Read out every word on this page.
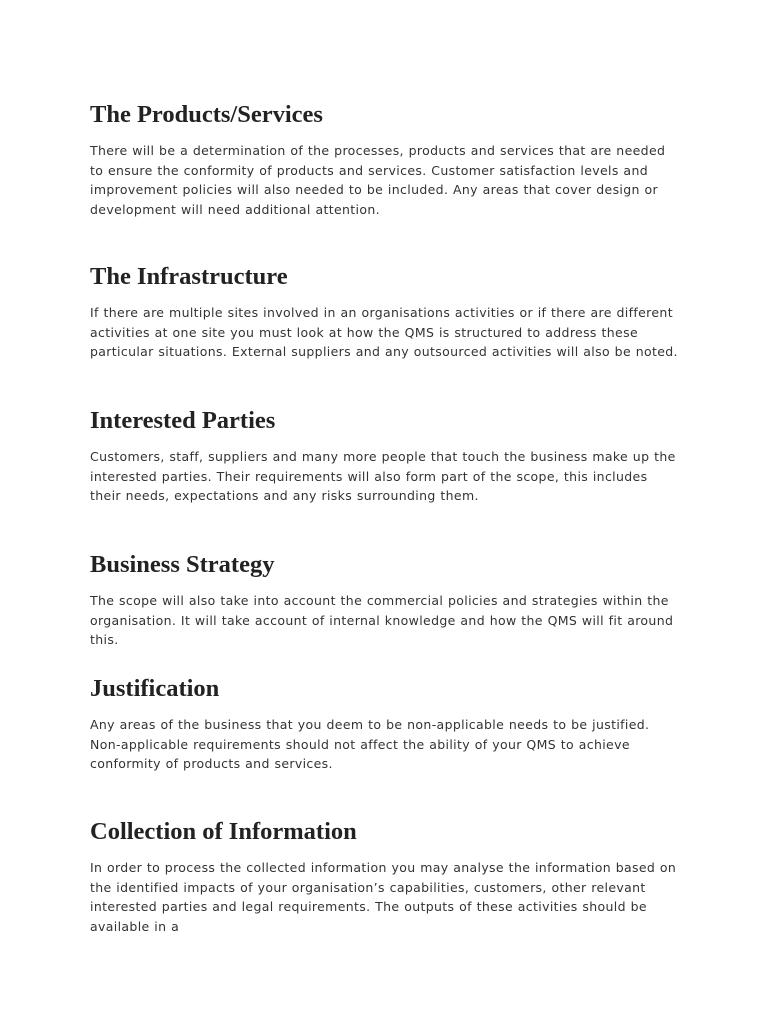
The Products/Services

There will be a determination of the processes, products and services that are needed to ensure the conformity of products and services. Customer satisfaction levels and improvement policies will also needed to be included. Any areas that cover design or development will need additional attention.

The Infrastructure

If there are multiple sites involved in an organisations activities or if there are different activities at one site you must look at how the QMS is structured to address these particular situations. External suppliers and any outsourced activities will also be noted.

Interested Parties

Customers, staff, suppliers and many more people that touch the business make up the interested parties. Their requirements will also form part of the scope, this includes their needs, expectations and any risks surrounding them.

Business Strategy

The scope will also take into account the commercial policies and strategies within the organisation. It will take account of internal knowledge and how the QMS will fit around this.

Justification

Any areas of the business that you deem to be non-applicable needs to be justified. Non-applicable requirements should not affect the ability of your QMS to achieve conformity of products and services.

Collection of Information

In order to process the collected information you may analyse the information based on the identified impacts of your organisation’s capabilities, customers, other relevant interested parties and legal requirements. The outputs of these activities should be available in a
